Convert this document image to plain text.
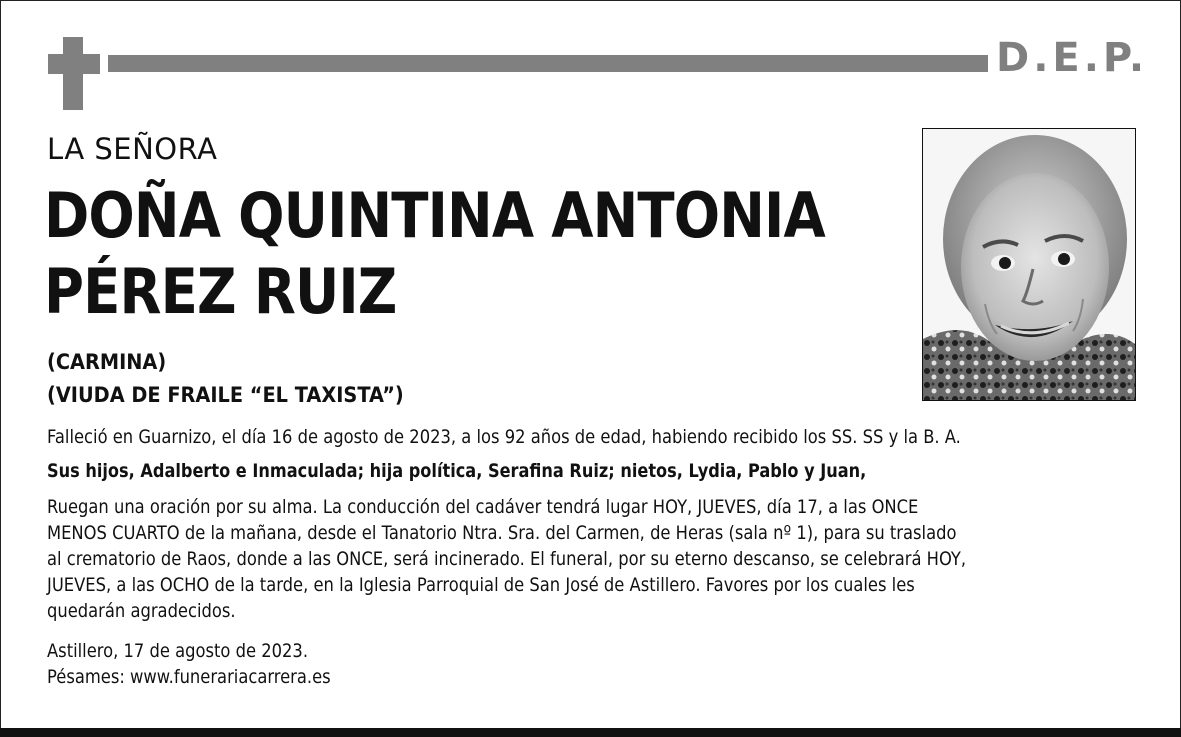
D.E.P.
LA SEÑORA
DOÑA QUINTINA ANTONIA
PÉREZ RUIZ
(CARMINA)
(VIUDA DE FRAILE “EL TAXISTA”)
Falleció en Guarnizo, el día 16 de agosto de 2023, a los 92 años de edad, habiendo recibido los SS. SS y la B. A.
Sus hijos, Adalberto e Inmaculada; hija política, Serafina Ruiz; nietos, Lydia, Pablo y Juan,
Ruegan una oración por su alma. La conducción del cadáver tendrá lugar HOY, JUEVES, día 17, a las ONCE
MENOS CUARTO de la mañana, desde el Tanatorio Ntra. Sra. del Carmen, de Heras (sala nº 1), para su traslado
al crematorio de Raos, donde a las ONCE, será incinerado. El funeral, por su eterno descanso, se celebrará HOY,
JUEVES, a las OCHO de la tarde, en la Iglesia Parroquial de San José de Astillero. Favores por los cuales les
quedarán agradecidos.
Astillero, 17 de agosto de 2023.
Pésames: www.funerariacarrera.es
